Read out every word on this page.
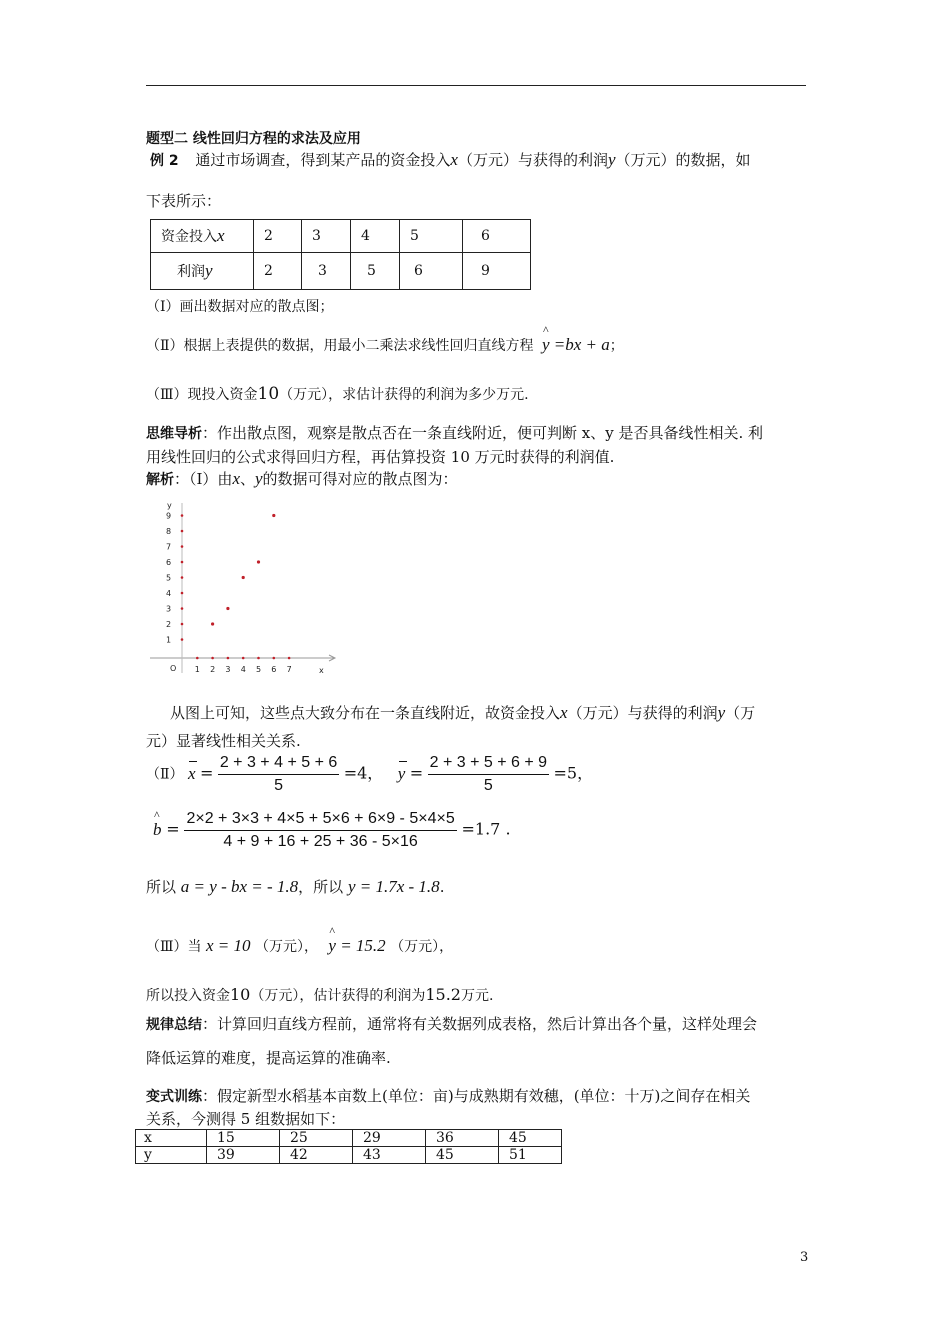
题型二 线性回归方程的求法及应用
例 2 通过市场调查，得到某产品的资金投入x（万元）与获得的利润y（万元）的数据，如
下表所示：
资金投入x	2	3	4	5	6
利润y	2	3	5	6	9
（Ⅰ）画出数据对应的散点图；
（Ⅱ）根据上表提供的数据，用最小二乘法求线性回归直线方程 ^ y =bx + a；
（Ⅲ）现投入资金10（万元），求估计获得的利润为多少万元.
思维导析：作出散点图，观察是散点否在一条直线附近，便可判断 x、y 是否具备线性相关. 利
用线性回归的公式求得回归方程，再估算投资 10 万元时获得的利润值.
解析：（Ⅰ）由x、y的数据可得对应的散点图为：
O	x
y
1 2 3 4 5 6 7
1
2
3
4
5
6
7
8
9
从图上可知，这些点大致分布在一条直线附近，故资金投入x（万元）与获得的利润y（万
元）显著线性相关关系.
（Ⅱ） $x = \frac{2 + 3 + 4 + 5 + 6}{5} =4$， $y = \frac{2 + 3 + 5 + 6 + 9}{5} =5$，
^ $b = \frac{2\times 2 + 3\times 3 + 4\times 5 + 5\times 6 + 6\times 9 - 5\times 4\times 5}{4 + 9 + 16 + 25 + 36 - 5\times 16} =1.7$ .
所以 a = y - bx = - 1.8，所以 y = 1.7x - 1.8.
（Ⅲ）当 x = 10 （万元）， ^ y = 15.2 （万元），
所以投入资金10（万元），估计获得的利润为15.2万元.
规律总结：计算回归直线方程前，通常将有关数据列成表格，然后计算出各个量，这样处理会
降低运算的难度，提高运算的准确率.
变式训练：假定新型水稻基本亩数上(单位：亩)与成熟期有效穗，(单位：十万)之间存在相关
关系，今测得 5 组数据如下：
x	15	25	29	36	45
y	39	42	43	45	51
3
